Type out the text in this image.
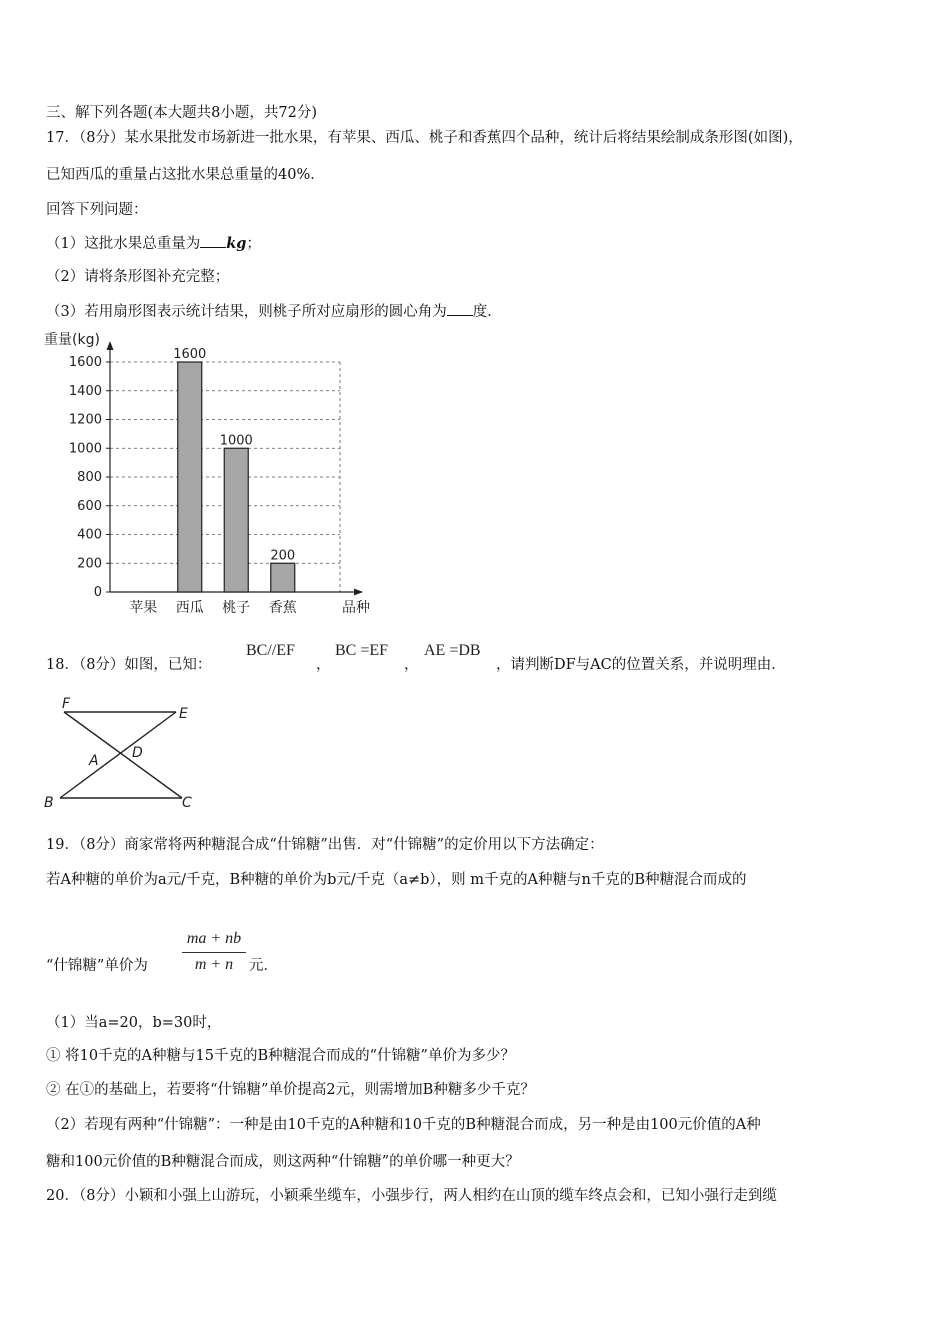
三、解下列各题(本大题共8小题，共72分)
17．（8分）某水果批发市场新进一批水果，有苹果、西瓜、桃子和香蕉四个品种，统计后将结果绘制成条形图(如图)，
已知西瓜的重量占这批水果总重量的40%．
回答下列问题：
（1）这批水果总重量为 kg；
（2）请将条形图补充完整；
（3）若用扇形图表示统计结果，则桃子所对应扇形的圆心角为 度．
0
200
400
600
800
1000
1200
1400
1600
重量(kg)
品种
苹果 西瓜
1600
桃子
1000
香蕉
200
18．（8分）如图，已知：
BC//EF
，
BC =EF
，
AE =DB
，请判断DF与AC的位置关系，并说明理由．
F
E
D
A
B	C
19．（8分）商家常将两种糖混合成“什锦糖”出售．对“什锦糖”的定价用以下方法确定：
若A种糖的单价为a元/千克，B种糖的单价为b元/千克（a≠b），则 m千克的A种糖与n千克的B种糖混合而成的
“什锦糖”单价为
ma + nb
m + n	元．
（1）当a=20，b=30时，
① 将10千克的A种糖与15千克的B种糖混合而成的“什锦糖”单价为多少？
② 在①的基础上，若要将“什锦糖”单价提高2元，则需增加B种糖多少千克？
（2）若现有两种“什锦糖”：一种是由10千克的A种糖和10千克的B种糖混合而成，另一种是由100元价值的A种
糖和100元价值的B种糖混合而成，则这两种“什锦糖”的单价哪一种更大？
20．（8分）小颖和小强上山游玩，小颖乘坐缆车，小强步行，两人相约在山顶的缆车终点会和，已知小强行走到缆
